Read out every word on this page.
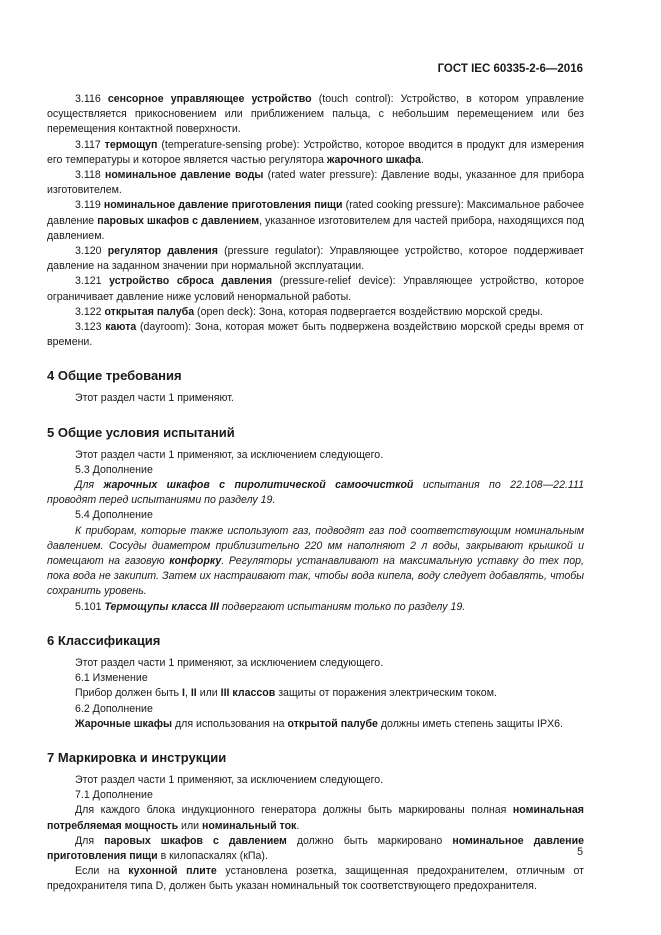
ГОСТ IEC 60335-2-6—2016

3.116 сенсорное управляющее устройство (touch control): Устройство, в котором управление осуществляется прикосновением или приближением пальца, с небольшим перемещением или без перемещения контактной поверхности.

3.117 термощуп (temperature-sensing probe): Устройство, которое вводится в продукт для измерения его температуры и которое является частью регулятора жарочного шкафа.

3.118 номинальное давление воды (rated water pressure): Давление воды, указанное для прибора изготовителем.

3.119 номинальное давление приготовления пищи (rated cooking pressure): Максимальное рабочее давление паровых шкафов с давлением, указанное изготовителем для частей прибора, находящихся под давлением.

3.120 регулятор давления (pressure regulator): Управляющее устройство, которое поддерживает давление на заданном значении при нормальной эксплуатации.

3.121 устройство сброса давления (pressure-relief device): Управляющее устройство, которое ограничивает давление ниже условий ненормальной работы.

3.122 открытая палуба (open deck): Зона, которая подвергается воздействию морской среды.

3.123 каюта (dayroom): Зона, которая может быть подвержена воздействию морской среды время от времени.

4 Общие требования

Этот раздел части 1 применяют.

5 Общие условия испытаний

Этот раздел части 1 применяют, за исключением следующего.

5.3 Дополнение

Для жарочных шкафов с пиролитической самоочисткой испытания по 22.108—22.111 проводят перед испытаниями по разделу 19.

5.4 Дополнение

К приборам, которые также используют газ, подводят газ под соответствующим номинальным давлением. Сосуды диаметром приблизительно 220 мм наполняют 2 л воды, закрывают крышкой и помещают на газовую конфорку. Регуляторы устанавливают на максимальную уставку до тех пор, пока вода не закипит. Затем их настраивают так, чтобы вода кипела, воду следует добавлять, чтобы сохранить уровень.

5.101 Термощупы класса III подвергают испытаниям только по разделу 19.

6 Классификация

Этот раздел части 1 применяют, за исключением следующего.

6.1 Изменение

Прибор должен быть I, II или III классов защиты от поражения электрическим током.

6.2 Дополнение

Жарочные шкафы для использования на открытой палубе должны иметь степень защиты IPX6.

7 Маркировка и инструкции

Этот раздел части 1 применяют, за исключением следующего.

7.1 Дополнение

Для каждого блока индукционного генератора должны быть маркированы полная номинальная потребляемая мощность или номинальный ток.

Для паровых шкафов с давлением должно быть маркировано номинальное давление приготовления пищи в килопаскалях (кПа).

Если на кухонной плите установлена розетка, защищенная предохранителем, отличным от предохранителя типа D, должен быть указан номинальный ток соответствующего предохранителя.

5
